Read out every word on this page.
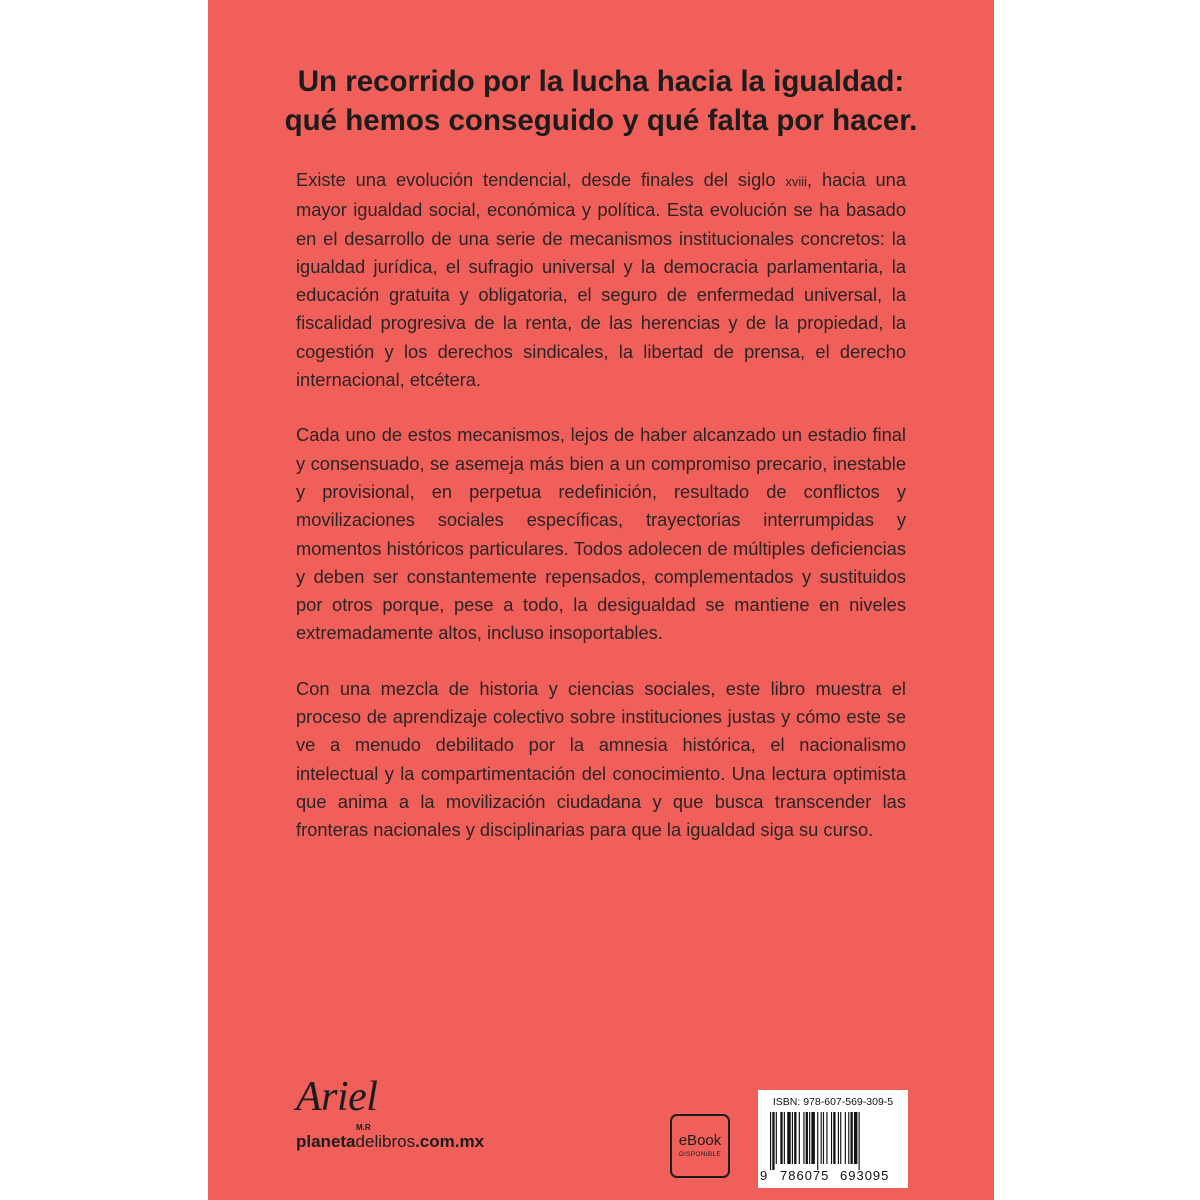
Un recorrido por la lucha hacia la igualdad:
qué hemos conseguido y qué falta por hacer.

Existe una evolución tendencial, desde finales del siglo xviii, hacia una mayor igualdad social, económica y política. Esta evolución se ha basado en el desarrollo de una serie de mecanismos institucionales concretos: la igualdad jurídica, el sufragio universal y la democracia parlamentaria, la educación gratuita y obligatoria, el seguro de enfermedad universal, la fiscalidad progresiva de la renta, de las herencias y de la propiedad, la cogestión y los derechos sindicales, la libertad de prensa, el derecho internacional, etcétera.

Cada uno de estos mecanismos, lejos de haber alcanzado un estadio final y consensuado, se asemeja más bien a un compromiso precario, inestable y provisional, en perpetua redefinición, resultado de conflictos y movilizaciones sociales específicas, trayectorias interrumpidas y momentos históricos particulares. Todos adolecen de múltiples deficiencias y deben ser constantemente repensados, complementados y sustituidos por otros porque, pese a todo, la desigualdad se mantiene en niveles extremadamente altos, incluso insoportables.

Con una mezcla de historia y ciencias sociales, este libro muestra el proceso de aprendizaje colectivo sobre instituciones justas y cómo este se ve a menudo debilitado por la amnesia histórica, el nacionalismo intelectual y la compartimentación del conocimiento. Una lectura optimista que anima a la movilización ciudadana y que busca transcender las fronteras nacionales y disciplinarias para que la igualdad siga su curso.

Ariel
M.R
planetadelibros.com.mx	eBook
DISPONIBLE
ISBN: 978-607-569-309-5
9 786075 693095
